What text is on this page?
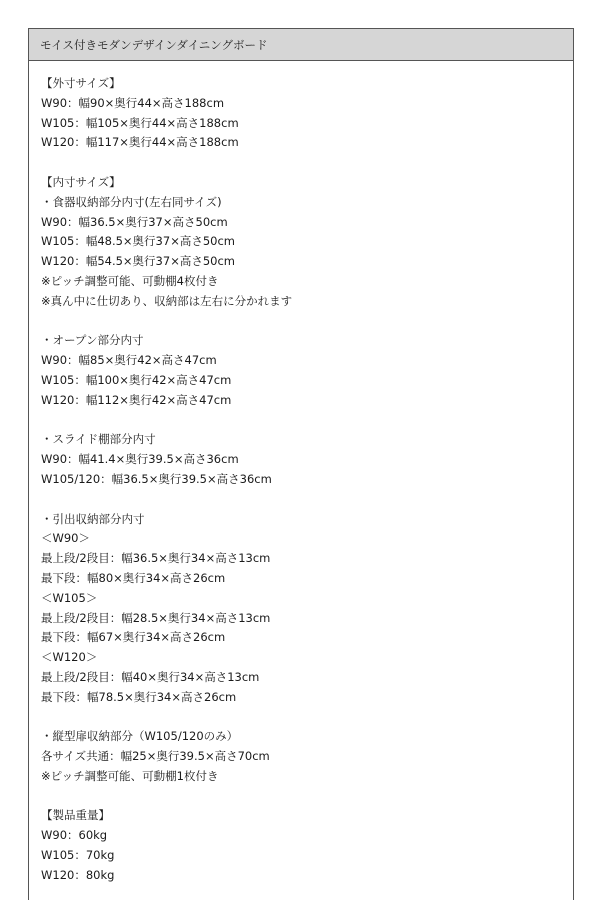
モイス付きモダンデザインダイニングボード
【外寸サイズ】
W90：幅90×奥行44×高さ188cm
W105：幅105×奥行44×高さ188cm
W120：幅117×奥行44×高さ188cm
【内寸サイズ】
・食器収納部分内寸(左右同サイズ)
W90：幅36.5×奥行37×高さ50cm
W105：幅48.5×奥行37×高さ50cm
W120：幅54.5×奥行37×高さ50cm
※ピッチ調整可能、可動棚4枚付き
※真ん中に仕切あり、収納部は左右に分かれます
・オープン部分内寸
W90：幅85×奥行42×高さ47cm
W105：幅100×奥行42×高さ47cm
W120：幅112×奥行42×高さ47cm
・スライド棚部分内寸
W90：幅41.4×奥行39.5×高さ36cm
W105/120：幅36.5×奥行39.5×高さ36cm
・引出収納部分内寸
＜W90＞
最上段/2段目：幅36.5×奥行34×高さ13cm
最下段：幅80×奥行34×高さ26cm
＜W105＞
最上段/2段目：幅28.5×奥行34×高さ13cm
最下段：幅67×奥行34×高さ26cm
＜W120＞
最上段/2段目：幅40×奥行34×高さ13cm
最下段：幅78.5×奥行34×高さ26cm
・縦型扉収納部分（W105/120のみ）
各サイズ共通：幅25×奥行39.5×高さ70cm
※ピッチ調整可能、可動棚1枚付き
【製品重量】
W90：60kg
W105：70kg
W120：80kg
